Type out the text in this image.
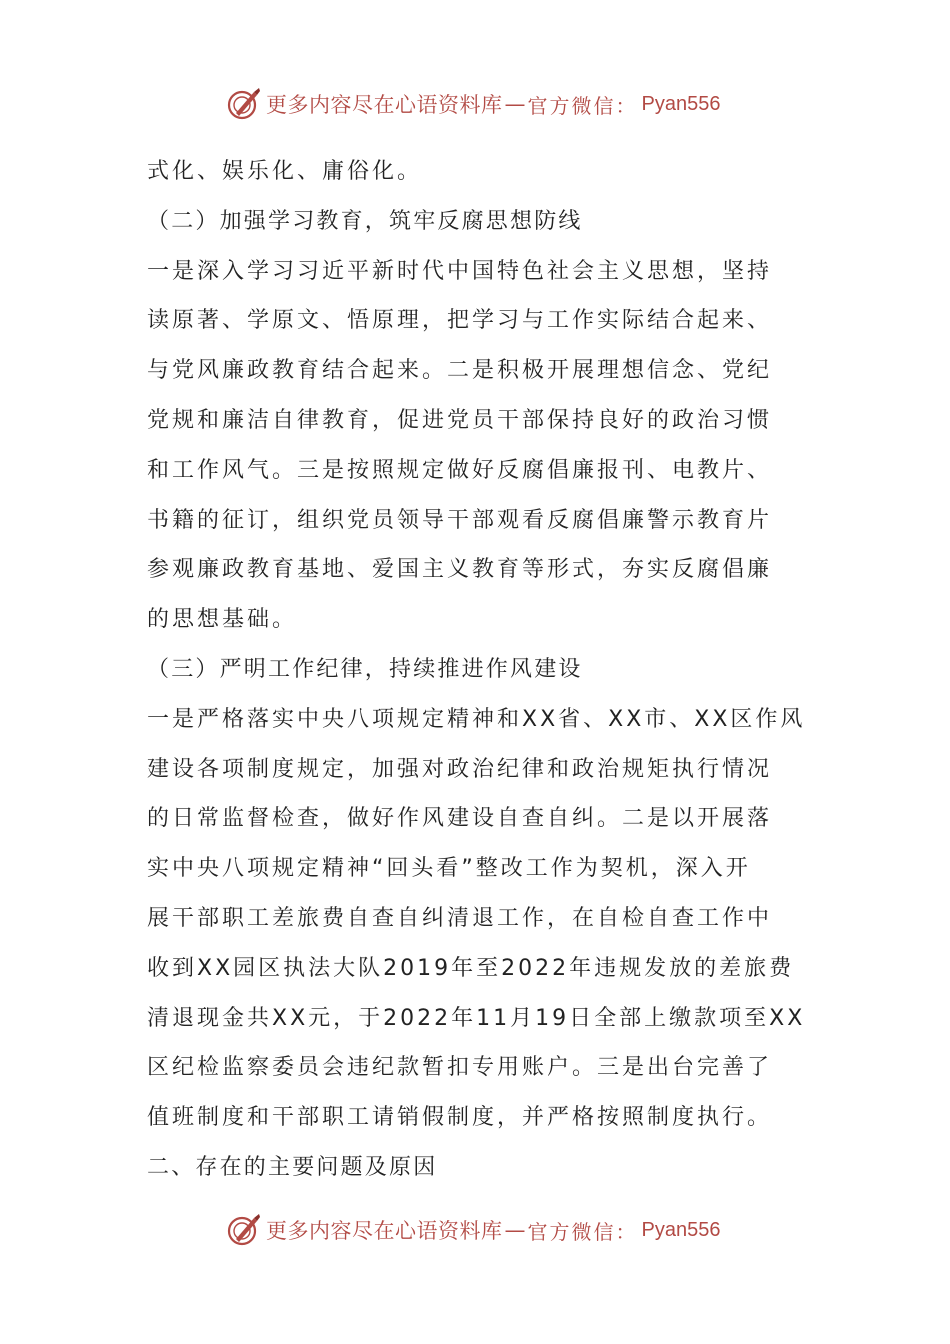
更多内容尽在心语资料库 — 官方微信： Pyan556
式化、娱乐化、庸俗化。
（二）加强学习教育，筑牢反腐思想防线
一是深入学习习近平新时代中国特色社会主义思想，坚持
读原著、学原文、悟原理，把学习与工作实际结合起来、
与党风廉政教育结合起来。二是积极开展理想信念、党纪
党规和廉洁自律教育，促进党员干部保持良好的政治习惯
和工作风气。三是按照规定做好反腐倡廉报刊、电教片、
书籍的征订，组织党员领导干部观看反腐倡廉警示教育片
参观廉政教育基地、爱国主义教育等形式，夯实反腐倡廉
的思想基础。
（三）严明工作纪律，持续推进作风建设
一是严格落实中央八项规定精神和XX省、XX市、XX区作风
建设各项制度规定，加强对政治纪律和政治规矩执行情况
的日常监督检查，做好作风建设自查自纠。二是以开展落
实中央八项规定精神“回头看”整改工作为契机，深入开
展干部职工差旅费自查自纠清退工作，在自检自查工作中
收到XX园区执法大队2019年至2022年违规发放的差旅费
清退现金共XX元，于2022年11月19日全部上缴款项至XX
区纪检监察委员会违纪款暂扣专用账户。三是出台完善了
值班制度和干部职工请销假制度，并严格按照制度执行。
二、存在的主要问题及原因
更多内容尽在心语资料库 — 官方微信： Pyan556
